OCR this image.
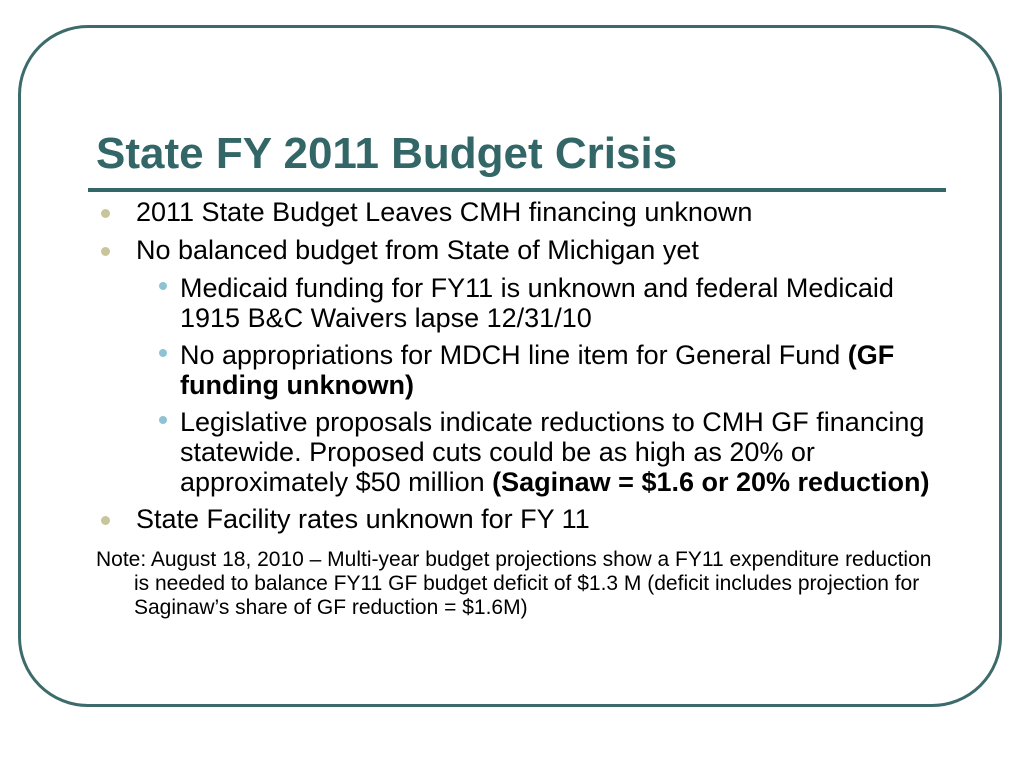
State FY 2011 Budget Crisis
2011 State Budget Leaves CMH financing unknown
No balanced budget from State of Michigan yet
Medicaid funding for FY11 is unknown and federal Medicaid 1915 B&C Waivers lapse 12/31/10
No appropriations for MDCH line item for General Fund (GF funding unknown)
Legislative proposals indicate reductions to CMH GF financing statewide. Proposed cuts could be as high as 20% or approximately $50 million (Saginaw = $1.6 or 20% reduction)
State Facility rates unknown for FY 11
Note: August 18, 2010 – Multi-year budget projections show a FY11 expenditure reduction is needed to balance FY11 GF budget deficit of $1.3 M (deficit includes projection for Saginaw’s share of GF reduction = $1.6M)
